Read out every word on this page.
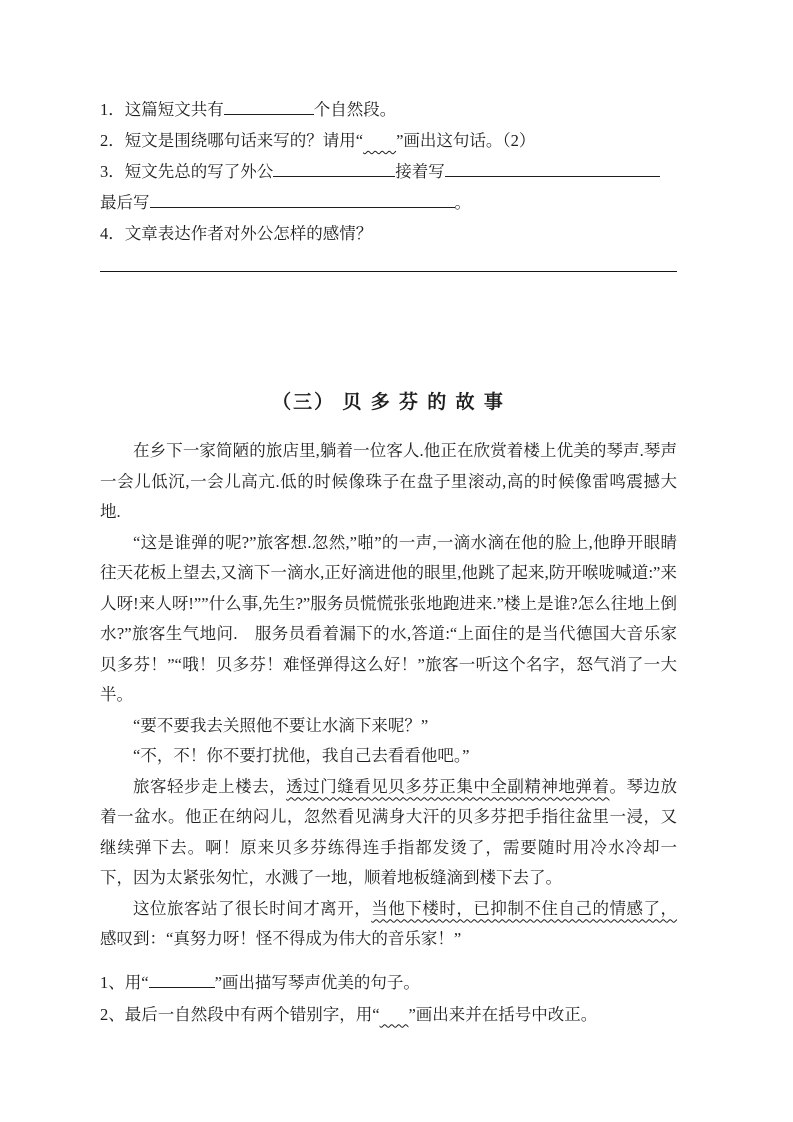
1．这篇短文共有	个自然段。
2．短文是围绕哪句话来写的？请用“ ”画出这句话。（2）
3．短文先总的写了外公	接着写
最后写	。
4．文章表达作者对外公怎样的感情？
（三） 贝 多 芬 的 故 事

在乡下一家简陋的旅店里,躺着一位客人.他正在欣赏着楼上优美的琴声.琴声一会儿低沉,一会儿高亢.低的时候像珠子在盘子里滚动,高的时候像雷鸣震撼大地.

“这是谁弹的呢?”旅客想.忽然,”啪”的一声,一滴水滴在他的脸上,他睁开眼睛往天花板上望去,又滴下一滴水,正好滴进他的眼里,他跳了起来,防开喉咙喊道:”来人呀!来人呀!””什么事,先生?”服务员慌慌张张地跑进来.”楼上是谁?怎么往地上倒水?”旅客生气地问.　服务员看着漏下的水,答道:“上面住的是当代德国大音乐家贝多芬！”“哦！贝多芬！难怪弹得这么好！”旅客一听这个名字，怒气消了一大半。

“要不要我去关照他不要让水滴下来呢？”

“不，不！你不要打扰他，我自己去看看他吧。”

旅客轻步走上楼去，透过门缝看见贝多芬正集中全副精神地弹着。琴边放着一盆水。他正在纳闷儿，忽然看见满身大汗的贝多芬把手指往盆里一浸，又继续弹下去。啊！原来贝多芬练得连手指都发烫了，需要随时用冷水冷却一下，因为太紧张匆忙，水溅了一地，顺着地板缝滴到楼下去了。

这位旅客站了很长时间才离开，当他下楼时，已抑制不住自己的情感了，感叹到：“真努力呀！怪不得成为伟大的音乐家！”

1、用“	”画出描写琴声优美的句子。
2、最后一自然段中有两个错别字，用“ ”画出来并在括号中改正。
